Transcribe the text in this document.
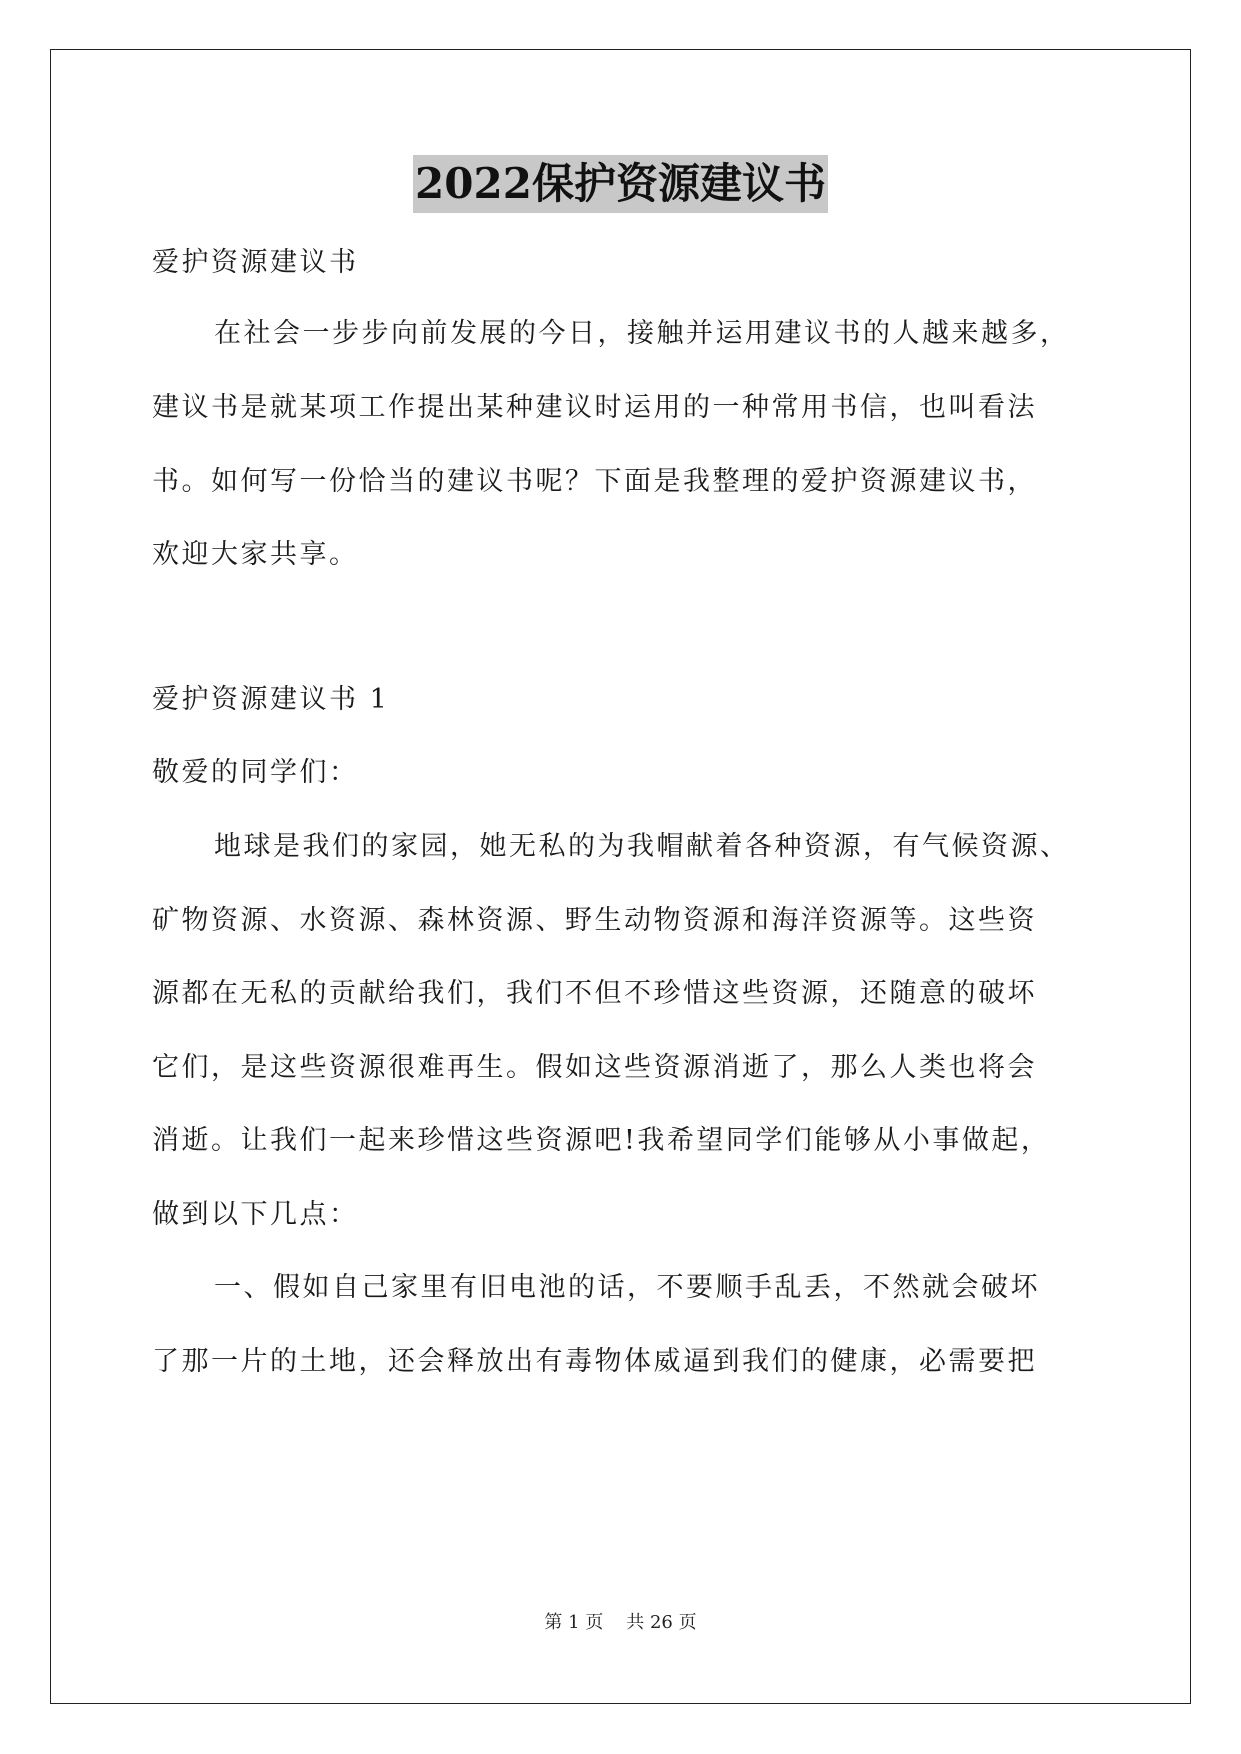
2022保护资源建议书
爱护资源建议书
在社会一步步向前发展的今日，接触并运用建议书的人越来越多，
建议书是就某项工作提出某种建议时运用的一种常用书信，也叫看法
书。如何写一份恰当的建议书呢？下面是我整理的爱护资源建议书，
欢迎大家共享。
爱护资源建议书 1
敬爱的同学们：
地球是我们的家园，她无私的为我帽献着各种资源，有气候资源、
矿物资源、水资源、森林资源、野生动物资源和海洋资源等。这些资
源都在无私的贡献给我们，我们不但不珍惜这些资源，还随意的破坏
它们，是这些资源很难再生。假如这些资源消逝了，那么人类也将会
消逝。让我们一起来珍惜这些资源吧!我希望同学们能够从小事做起，
做到以下几点：
一、假如自己家里有旧电池的话，不要顺手乱丢，不然就会破坏
了那一片的土地，还会释放出有毒物体威逼到我们的健康，必需要把
第 1 页 共 26 页
